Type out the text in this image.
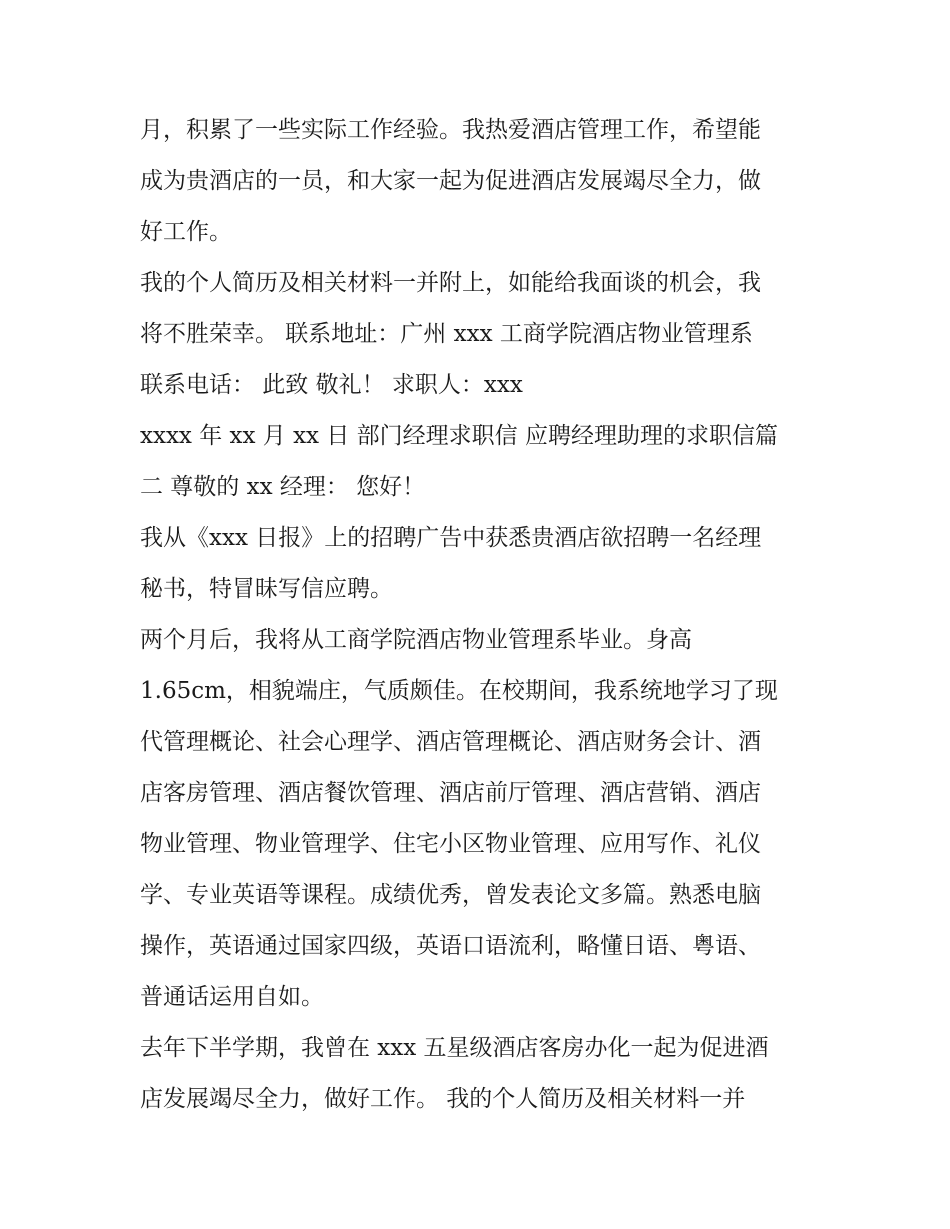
月，积累了一些实际工作经验。我热爱酒店管理工作，希望能
成为贵酒店的一员，和大家一起为促进酒店发展竭尽全力，做
好工作。
我的个人简历及相关材料一并附上，如能给我面谈的机会，我
将不胜荣幸。 联系地址：广州 xxx 工商学院酒店物业管理系
联系电话： 此致 敬礼！ 求职人：xxx
xxxx 年 xx 月 xx 日 部门经理求职信 应聘经理助理的求职信篇
二 尊敬的 xx 经理： 您好！
我从《xxx 日报》上的招聘广告中获悉贵酒店欲招聘一名经理
秘书，特冒昧写信应聘。
两个月后，我将从工商学院酒店物业管理系毕业。身高
1.65cm，相貌端庄，气质颇佳。在校期间，我系统地学习了现
代管理概论、社会心理学、酒店管理概论、酒店财务会计、酒
店客房管理、酒店餐饮管理、酒店前厅管理、酒店营销、酒店
物业管理、物业管理学、住宅小区物业管理、应用写作、礼仪
学、专业英语等课程。成绩优秀，曾发表论文多篇。熟悉电脑
操作，英语通过国家四级，英语口语流利，略懂日语、粤语、
普通话运用自如。
去年下半学期，我曾在 xxx 五星级酒店客房办化一起为促进酒
店发展竭尽全力，做好工作。 我的个人简历及相关材料一并
